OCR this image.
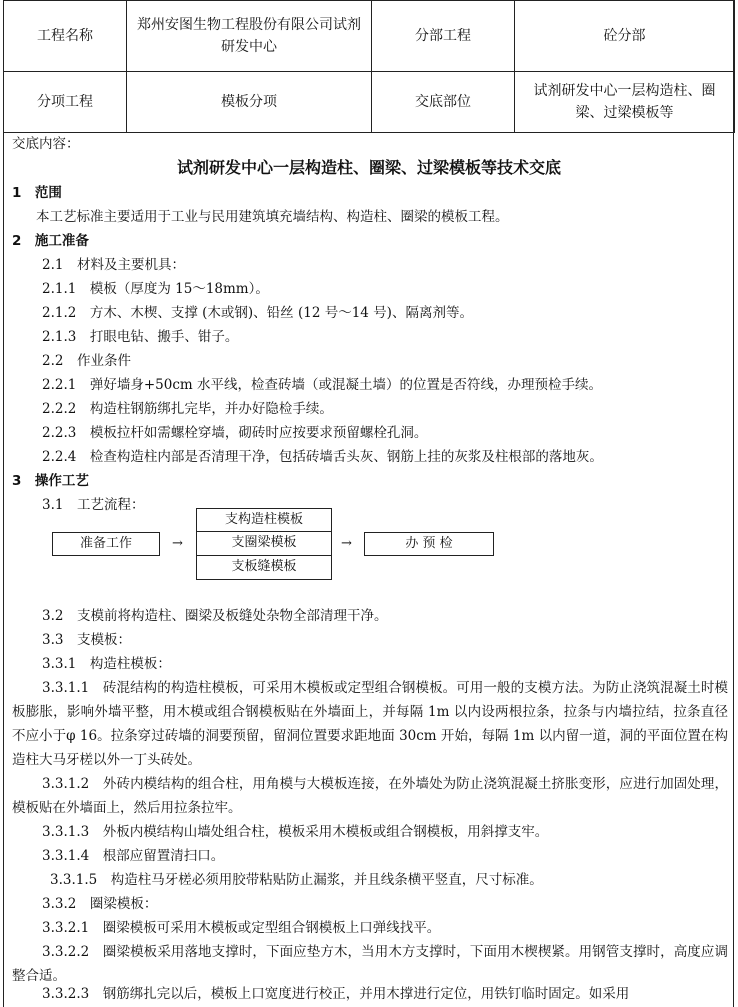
工程名称	郑州安图生物工程股份有限公司试剂研发中心	分部工程	砼分部
分项工程	模板分项	交底部位	试剂研发中心一层构造柱、圈梁、过梁模板等
交底内容：
试剂研发中心一层构造柱、圈梁、过梁模板等技术交底
1　范围
本工艺标准主要适用于工业与民用建筑填充墙结构、构造柱、圈梁的模板工程。
2　施工准备
2.1　材料及主要机具：
2.1.1　模板（厚度为 15～18mm）。
2.1.2　方木、木楔、支撑 (木或钢)、铅丝 (12 号～14 号)、隔离剂等。
2.1.3　打眼电钻、搬手、钳子。
2.2　作业条件
2.2.1　弹好墙身+50cm 水平线，检查砖墙（或混凝土墙）的位置是否符线，办理预检手续。
2.2.2　构造柱钢筋绑扎完毕，并办好隐检手续。
2.2.3　模板拉杆如需螺栓穿墙，砌砖时应按要求预留螺栓孔洞。
2.2.4　检查构造柱内部是否清理干净，包括砖墙舌头灰、钢筋上挂的灰浆及柱根部的落地灰。
3　操作工艺
3.1　工艺流程：
准备工作	→
支构造柱模板
支圈梁模板
支板缝模板
→	办 预 检
3.2　支模前将构造柱、圈梁及板缝处杂物全部清理干净。
3.3　支模板：
3.3.1　构造柱模板：
3.3.1.1　砖混结构的构造柱模板，可采用木模板或定型组合钢模板。可用一般的支模方法。为防止浇筑混凝土时模板膨胀，影响外墙平整，用木模或组合钢模板贴在外墙面上，并每隔 1m 以内设两根拉条，拉条与内墙拉结，拉条直径不应小于φ 16。拉条穿过砖墙的洞要预留，留洞位置要求距地面 30cm 开始，每隔 1m 以内留一道，洞的平面位置在构造柱大马牙槎以外一丁头砖处。
3.3.1.2　外砖内模结构的组合柱，用角模与大模板连接，在外墙处为防止浇筑混凝土挤胀变形，应进行加固处理，模板贴在外墙面上，然后用拉条拉牢。
3.3.1.3　外板内模结构山墙处组合柱，模板采用木模板或组合钢模板，用斜撑支牢。
3.3.1.4　根部应留置清扫口。
3.3.1.5　构造柱马牙槎必须用胶带粘贴防止漏浆，并且线条横平竖直，尺寸标准。
3.3.2　圈梁模板：
3.3.2.1　圈梁模板可采用木模板或定型组合钢模板上口弹线找平。
3.3.2.2　圈梁模板采用落地支撑时，下面应垫方木，当用木方支撑时，下面用木楔楔紧。用钢管支撑时，高度应调整合适。
3.3.2.3　钢筋绑扎完以后，模板上口宽度进行校正，并用木撑进行定位，用铁钉临时固定。如采用
